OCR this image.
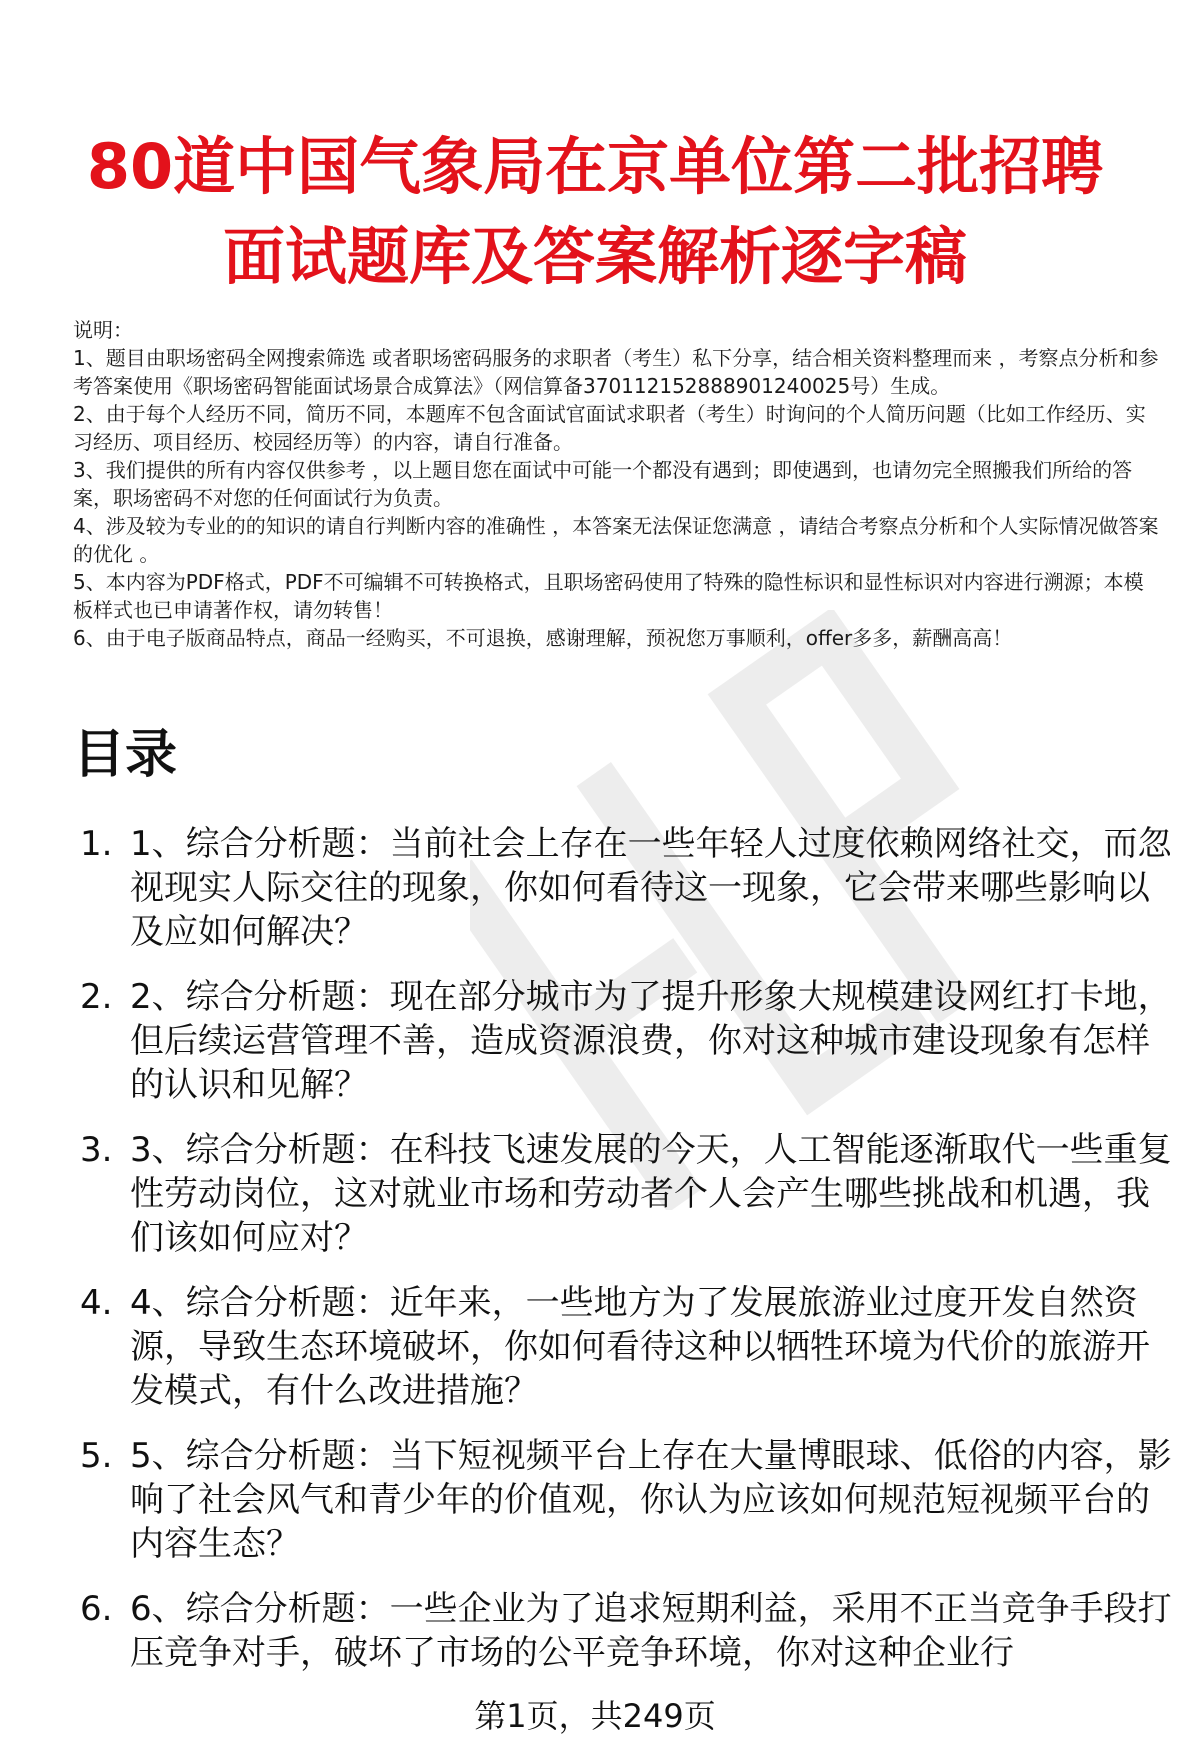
80道中国气象局在京单位第二批招聘面试题库及答案解析逐字稿

说明：

1、题目由职场密码全网搜索筛选 或者职场密码服务的求职者（考生）私下分享，结合相关资料整理而来 ，考察点分析和参考答案使用《职场密码智能面试场景合成算法》（网信算备370112152888901240025号）生成。

2、由于每个人经历不同，简历不同，本题库不包含面试官面试求职者（考生）时询问的个人简历问题（比如工作经历、实习经历、项目经历、校园经历等）的内容，请自行准备。

3、我们提供的所有内容仅供参考 ，以上题目您在面试中可能一个都没有遇到；即使遇到，也请勿完全照搬我们所给的答案，职场密码不对您的任何面试行为负责。

4、涉及较为专业的的知识的请自行判断内容的准确性 ，本答案无法保证您满意 ，请结合考察点分析和个人实际情况做答案的优化 。

5、本内容为PDF格式，PDF不可编辑不可转换格式，且职场密码使用了特殊的隐性标识和显性标识对内容进行溯源；本模板样式也已申请著作权，请勿转售！

6、由于电子版商品特点，商品一经购买，不可退换，感谢理解，预祝您万事顺利，offer多多，薪酬高高！

目录
1. 1、综合分析题：当前社会上存在一些年轻人过度依赖网络社交，而忽视现实人际交往的现象，你如何看待这一现象，它会带来哪些影响以及应如何解决？
2. 2、综合分析题：现在部分城市为了提升形象大规模建设网红打卡地，但后续运营管理不善，造成资源浪费，你对这种城市建设现象有怎样的认识和见解？
3. 3、综合分析题：在科技飞速发展的今天，人工智能逐渐取代一些重复性劳动岗位，这对就业市场和劳动者个人会产生哪些挑战和机遇，我们该如何应对？
4. 4、综合分析题：近年来，一些地方为了发展旅游业过度开发自然资源，导致生态环境破坏，你如何看待这种以牺牲环境为代价的旅游开发模式，有什么改进措施？
5. 5、综合分析题：当下短视频平台上存在大量博眼球、低俗的内容，影响了社会风气和青少年的价值观，你认为应该如何规范短视频平台的内容生态？
6. 6、综合分析题：一些企业为了追求短期利益，采用不正当竞争手段打压竞争对手，破坏了市场的公平竞争环境，你对这种企业行
第1页，共249页
